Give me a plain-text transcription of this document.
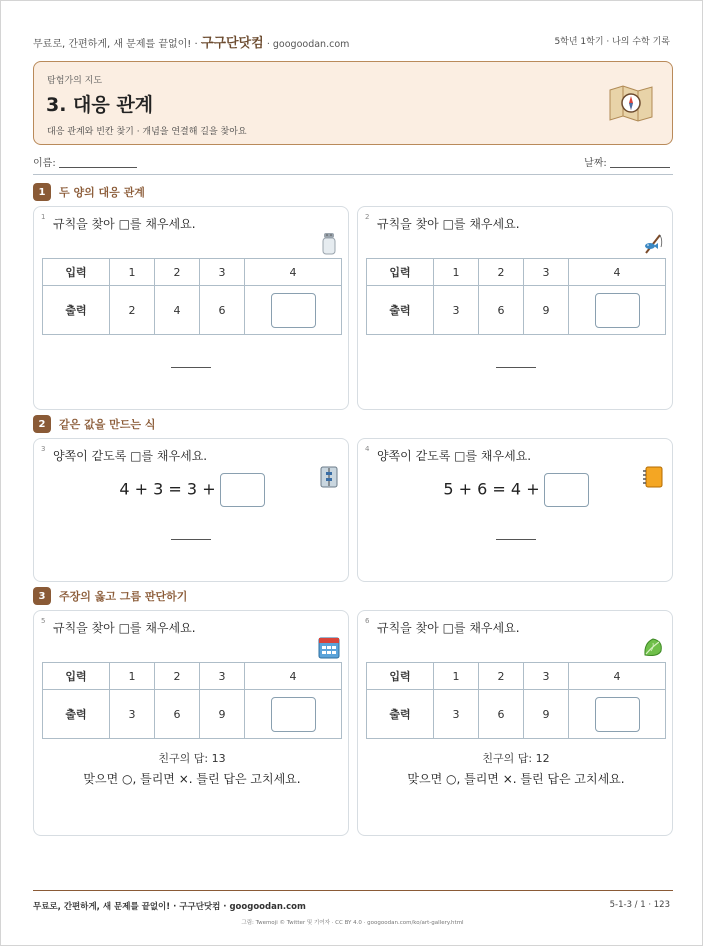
무료로, 간편하게, 새 문제를 끝없이! · 구구단닷컴 · googoodan.com	5학년 1학기 · 나의 수학 기록
탐험가의 지도
3. 대응 관계
대응 관계와 빈칸 찾기 · 개념을 연결해 길을 찾아요
이름:	날짜:
1	두 양의 대응 관계
1 규칙을 찾아 □를 채우세요.
입력	1	2	3	4
출력	2	4	6	
2 규칙을 찾아 □를 채우세요.
입력	1	2	3	4
출력	3	6	9	
2	같은 값을 만드는 식
3 양쪽이 같도록 □를 채우세요.
4 + 3 = 3 +
4 양쪽이 같도록 □를 채우세요.
5 + 6 = 4 +
3	주장의 옳고 그름 판단하기
5 규칙을 찾아 □를 채우세요.
입력	1	2	3	4
출력	3	6	9	
친구의 답: 13
맞으면 ○, 틀리면 ×. 틀린 답은 고치세요.
6 규칙을 찾아 □를 채우세요.
입력	1	2	3	4
출력	3	6	9	
친구의 답: 12
맞으면 ○, 틀리면 ×. 틀린 답은 고치세요.
무료로, 간편하게, 새 문제를 끝없이! · 구구단닷컴 · googoodan.com	5-1-3 / 1 · 123
그림: Twemoji © Twitter 및 기여자 · CC BY 4.0 · googoodan.com/ko/art-gallery.html
